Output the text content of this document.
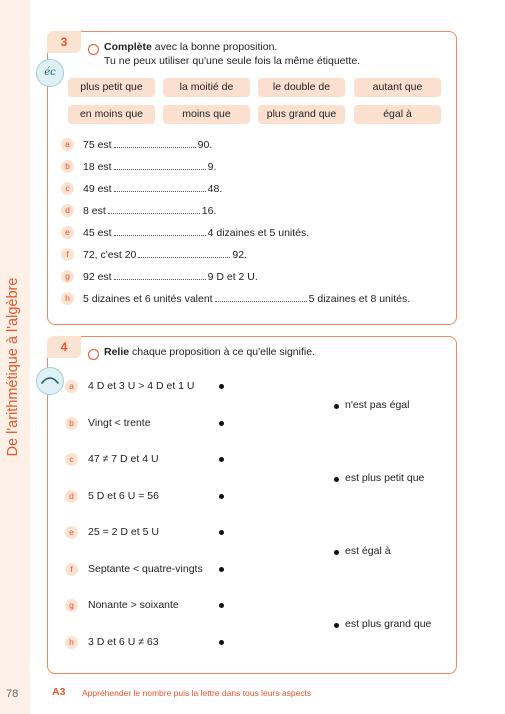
De l'arithmétique à l'algèbre
3
éc
Complète avec la bonne proposition.
Tu ne peux utiliser qu'une seule fois la même étiquette.
plus petit que	la moitié de	le double de	autant que
en moins que	moins que	plus grand que	égal à
a	75 est	90.
b	18 est	9.
c	49 est	48.
d	8 est	16.
e	45 est	4 dizaines et 5 unités.
f	72, c'est 20	92.
g	92 est	9 D et 2 U.
h	5 dizaines et 6 unités valent	5 dizaines et 8 unités.
4	Relie chaque proposition à ce qu'elle signifie.
a	4 D et 3 U > 4 D et 1 U
b	Vingt < trente
c	47 ≠ 7 D et 4 U
d	5 D et 6 U = 56
e	25 = 2 D et 5 U
f	Septante < quatre-vingts
g	Nonante > soixante
h	3 D et 6 U ≠ 63
n'est pas égal
est plus petit que
est égal à
est plus grand que
78	A3 Appréhender le nombre puis la lettre dans tous leurs aspects
